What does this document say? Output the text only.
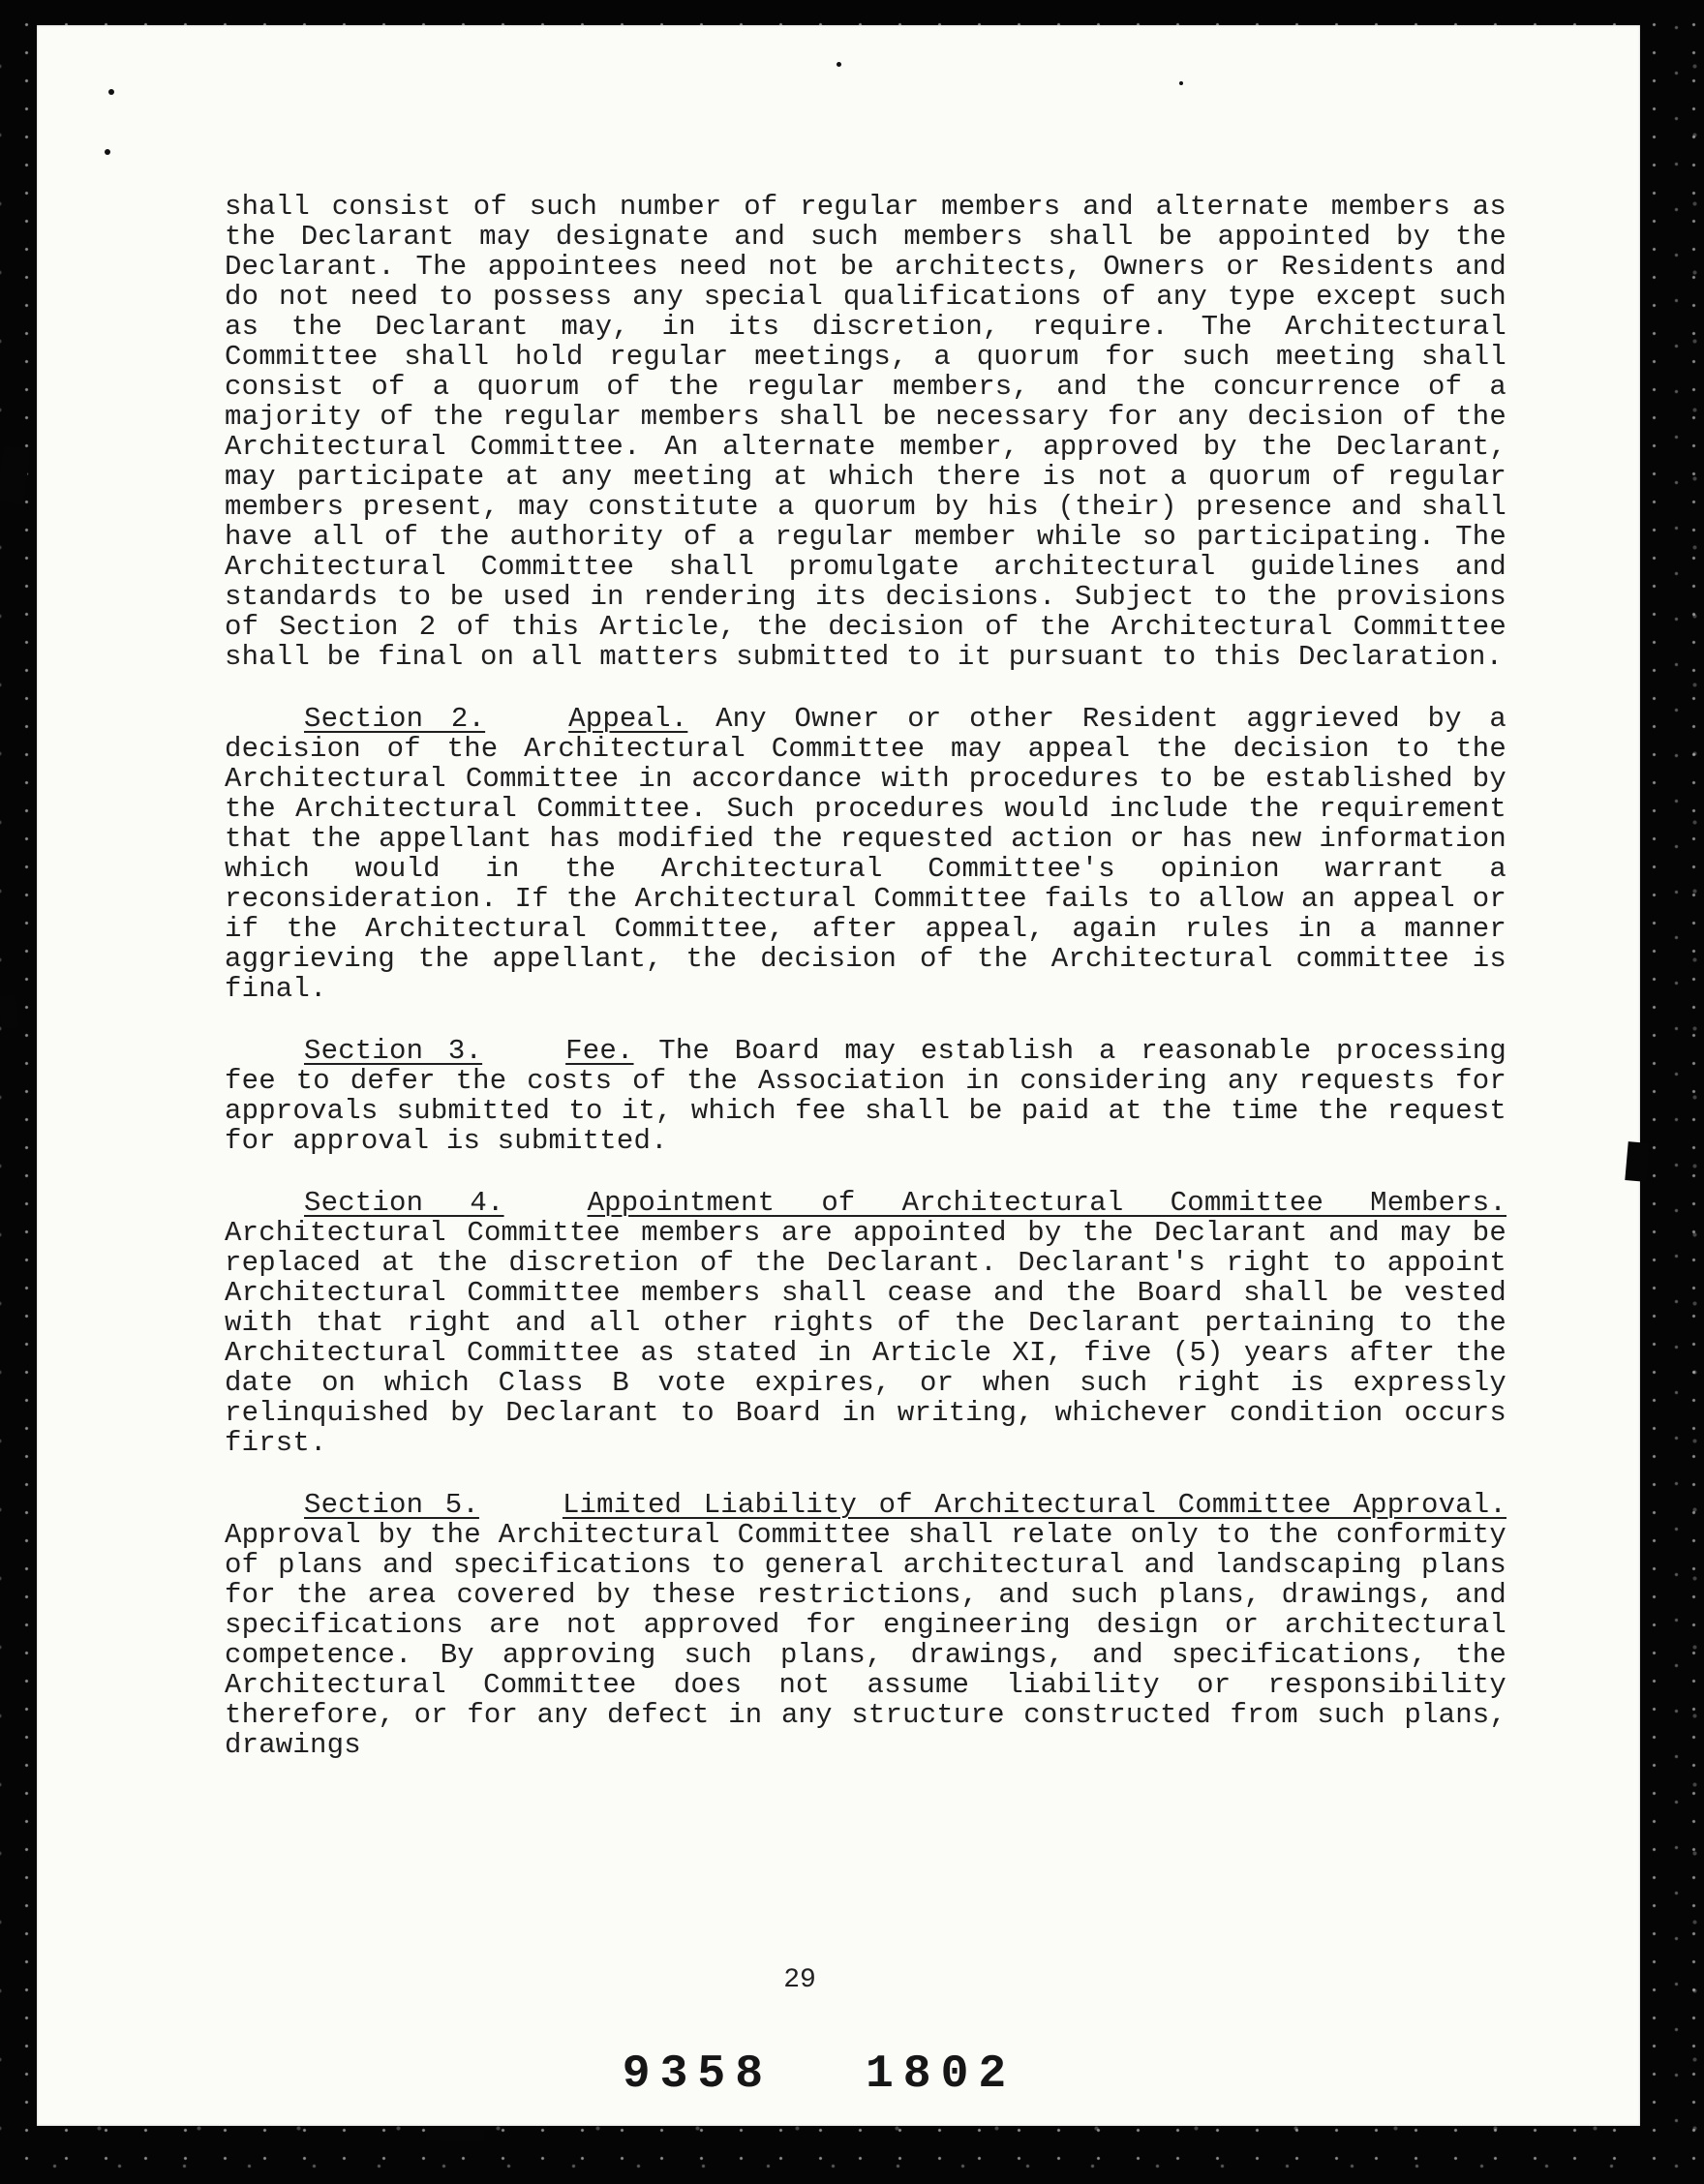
shall consist of such number of regular members and alternate members as the Declarant may designate and such members shall be appointed by the Declarant. The appointees need not be architects, Owners or Residents and do not need to possess any special qualifications of any type except such as the Declarant may, in its discretion, require. The Architectural Committee shall hold regular meetings, a quorum for such meeting shall consist of a quorum of the regular members, and the concurrence of a majority of the regular members shall be necessary for any decision of the Architectural Committee. An alternate member, approved by the Declarant, may participate at any meeting at which there is not a quorum of regular members present, may constitute a quorum by his (their) presence and shall have all of the authority of a regular member while so participating. The Architectural Committee shall promulgate architectural guidelines and standards to be used in rendering its decisions. Subject to the provisions of Section 2 of this Article, the decision of the Architectural Committee shall be final on all matters submitted to it pursuant to this Declaration.

Section 2.	Appeal. Any Owner or other Resident aggrieved by a decision of the Architectural Committee may appeal the decision to the Architectural Committee in accordance with procedures to be established by the Architectural Committee. Such procedures would include the requirement that the appellant has modified the requested action or has new information which would in the Architectural Committee's opinion warrant a reconsideration. If the Architectural Committee fails to allow an appeal or if the Architectural Committee, after appeal, again rules in a manner aggrieving the appellant, the decision of the Architectural committee is final.

Section 3.	Fee. The Board may establish a reasonable processing fee to defer the costs of the Association in considering any requests for approvals submitted to it, which fee shall be paid at the time the request for approval is submitted.

Section 4.	Appointment of Architectural Committee Members. Architectural Committee members are appointed by the Declarant and may be replaced at the discretion of the Declarant. Declarant's right to appoint Architectural Committee members shall cease and the Board shall be vested with that right and all other rights of the Declarant pertaining to the Architectural Committee as stated in Article XI, five (5) years after the date on which Class B vote expires, or when such right is expressly relinquished by Declarant to Board in writing, whichever condition occurs first.

Section 5.	Limited Liability of Architectural Committee Approval. Approval by the Architectural Committee shall relate only to the conformity of plans and specifications to general architectural and landscaping plans for the area covered by these restrictions, and such plans, drawings, and specifications are not approved for engineering design or architectural competence. By approving such plans, drawings, and specifications, the Architectural Committee does not assume liability or responsibility therefore, or for any defect in any structure constructed from such plans, drawings

29
9358 1802
